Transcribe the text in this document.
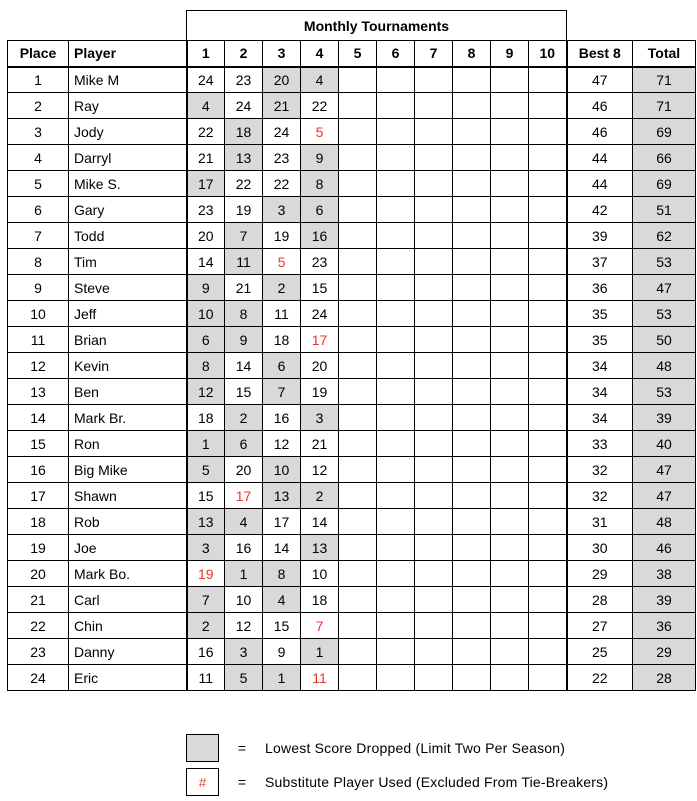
		Monthly Tournaments											
Place	Player	1	2	3	4	5	6	7	8	9	10	Best 8	Total
1	Mike M	24	23	20	4							47	71
2	Ray	4	24	21	22							46	71
3	Jody	22	18	24	5							46	69
4	Darryl	21	13	23	9							44	66
5	Mike S.	17	22	22	8							44	69
6	Gary	23	19	3	6							42	51
7	Todd	20	7	19	16							39	62
8	Tim	14	11	5	23							37	53
9	Steve	9	21	2	15							36	47
10	Jeff	10	8	11	24							35	53
11	Brian	6	9	18	17							35	50
12	Kevin	8	14	6	20							34	48
13	Ben	12	15	7	19							34	53
14	Mark Br.	18	2	16	3							34	39
15	Ron	1	6	12	21							33	40
16	Big Mike	5	20	10	12							32	47
17	Shawn	15	17	13	2							32	47
18	Rob	13	4	17	14							31	48
19	Joe	3	16	14	13							30	46
20	Mark Bo.	19	1	8	10							29	38
21	Carl	7	10	4	18							28	39
22	Chin	2	12	15	7							27	36
23	Danny	16	3	9	1							25	29
24	Eric	11	5	1	11							22	28
=	Lowest Score Dropped (Limit Two Per Season)
#	=	Substitute Player Used (Excluded From Tie-Breakers)
